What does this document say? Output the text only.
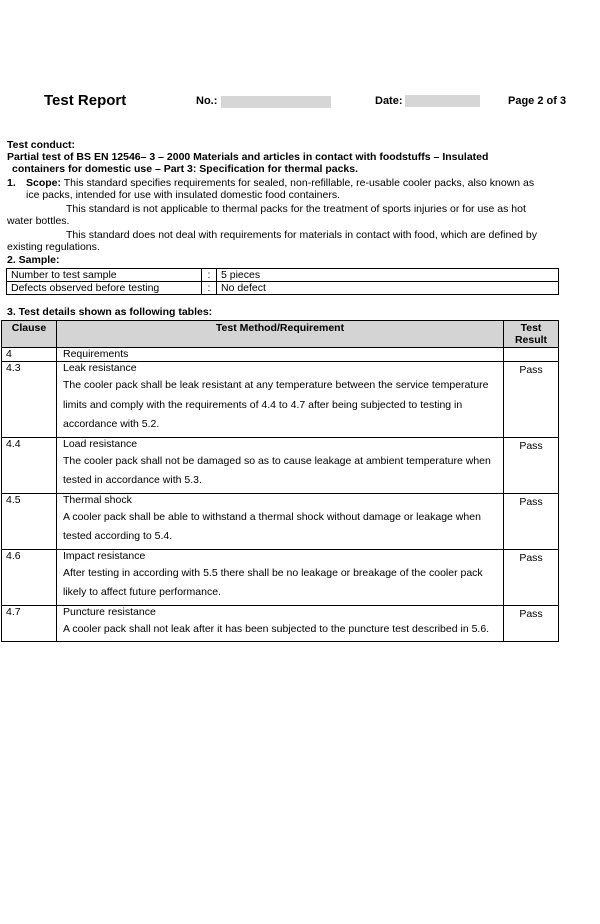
Test Report	No.:	Date:	Page 2 of 3
Test conduct:
Partial test of BS EN 12546– 3 – 2000 Materials and articles in contact with foodstuffs – Insulated
containers for domestic use – Part 3: Specification for thermal packs.
1. Scope: This standard specifies requirements for sealed, non-refillable, re-usable cooler packs, also known as
ice packs, intended for use with insulated domestic food containers.
This standard is not applicable to thermal packs for the treatment of sports injuries or for use as hot
water bottles.
This standard does not deal with requirements for materials in contact with food, which are defined by
existing regulations.
2. Sample:
Number to test sample	:	5 pieces
Defects observed before testing	:	No defect
3. Test details shown as following tables:
Clause	Test Method/Requirement	Test
Result

4	Requirements	

4.3	Leak resistance
The cooler pack shall be leak resistant at any temperature between the service temperature limits and comply with the requirements of 4.4 to 4.7 after being subjected to testing in accordance with 5.2.	Pass

4.4	Load resistance
The cooler pack shall not be damaged so as to cause leakage at ambient temperature when tested in accordance with 5.3.	Pass

4.5	Thermal shock
A cooler pack shall be able to withstand a thermal shock without damage or leakage when tested according to 5.4.	Pass

4.6	Impact resistance
After testing in according with 5.5 there shall be no leakage or breakage of the cooler pack likely to affect future performance.	Pass

4.7	Puncture resistance
A cooler pack shall not leak after it has been subjected to the puncture test described in 5.6.	Pass
